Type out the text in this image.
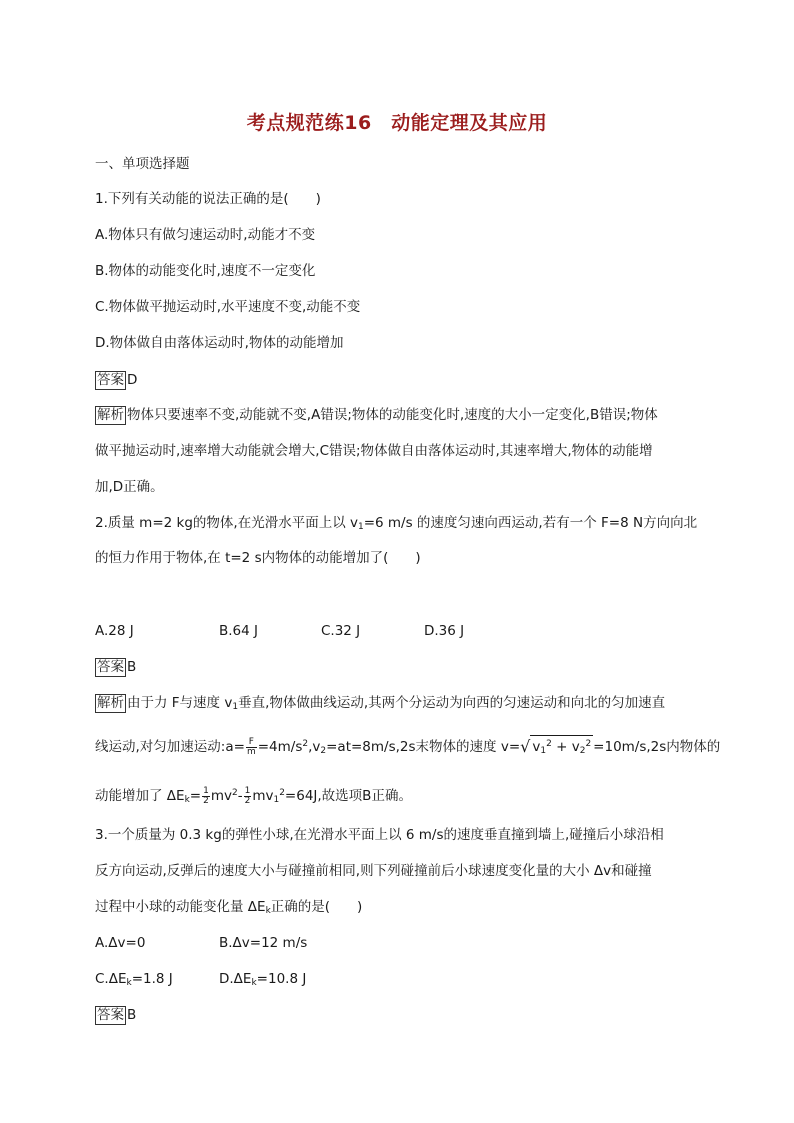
考点规范练16　动能定理及其应用
一、单项选择题
1.下列有关动能的说法正确的是(　　)
A.物体只有做匀速运动时,动能才不变
B.物体的动能变化时,速度不一定变化
C.物体做平抛运动时,水平速度不变,动能不变
D.物体做自由落体运动时,物体的动能增加
答案 D
解析 物体只要速率不变,动能就不变,A错误;物体的动能变化时,速度的大小一定变化,B错误;物体
做平抛运动时,速率增大动能就会增大,C错误;物体做自由落体运动时,其速率增大,物体的动能增
加,D正确。
2.质量 m=2 kg的物体,在光滑水平面上以 $v_1=6$ m/s 的速度匀速向西运动,若有一个 F=8 N方向向北
的恒力作用于物体,在 t=2 s内物体的动能增加了(　　)
A.28 J	B.64 J	C.32 J	D.36 J
答案 B
解析 由于力 F与速度 $v_1$垂直,物体做曲线运动,其两个分运动为向西的匀速运动和向北的匀加速直
线运动,对匀加速运动:a= $\frac{F}{m} =4m/s^2,v_2=at=8m/s,2s$末物体的速度 v=√ $v_1^2 + v_2^2 =10m/s,2s$内物体的
动能增加了 $\Delta E_k= \frac{1}{2} mv^2- \frac{1}{2} mv_1^2=64J$,故选项B正确。
3.一个质量为 0.3 kg的弹性小球,在光滑水平面上以 6 m/s的速度垂直撞到墙上,碰撞后小球沿相
反方向运动,反弹后的速度大小与碰撞前相同,则下列碰撞前后小球速度变化量的大小 Δv和碰撞
过程中小球的动能变化量 $\Delta E_k$正确的是(　　)
A.Δv=0	B.Δv=12 m/s
$C.\Delta E_k=1.8$ J	$D.\Delta E_k=10.8$ J
答案 B
